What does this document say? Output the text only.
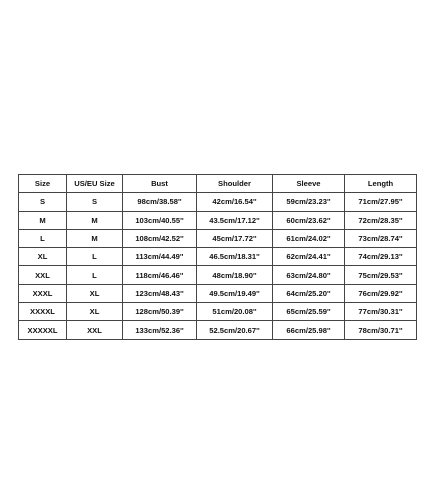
Size	US/EU Size	Bust	Shoulder	Sleeve	Length
S	S	98cm/38.58''	42cm/16.54''	59cm/23.23''	71cm/27.95''
M	M	103cm/40.55''	43.5cm/17.12''	60cm/23.62''	72cm/28.35''
L	M	108cm/42.52''	45cm/17.72''	61cm/24.02''	73cm/28.74''
XL	L	113cm/44.49''	46.5cm/18.31''	62cm/24.41''	74cm/29.13''
XXL	L	118cm/46.46''	48cm/18.90''	63cm/24.80''	75cm/29.53''
XXXL	XL	123cm/48.43''	49.5cm/19.49''	64cm/25.20''	76cm/29.92''
XXXXL	XL	128cm/50.39''	51cm/20.08''	65cm/25.59''	77cm/30.31''
XXXXXL	XXL	133cm/52.36''	52.5cm/20.67''	66cm/25.98''	78cm/30.71''
